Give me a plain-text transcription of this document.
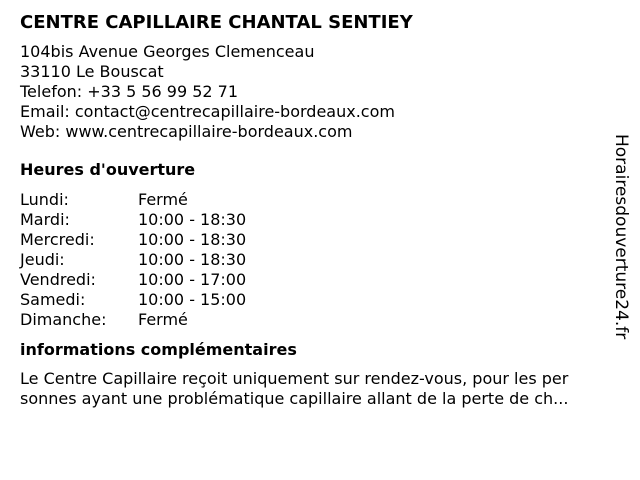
CENTRE CAPILLAIRE CHANTAL SENTIEY
104bis Avenue Georges Clemenceau
33110 Le Bouscat
Telefon: +33 5 56 99 52 71
Email: contact@centrecapillaire-bordeaux.com
Web: www.centrecapillaire-bordeaux.com
Heures d'ouverture
Lundi:	Fermé
Mardi:	10:00 - 18:30
Mercredi:	10:00 - 18:30
Jeudi:	10:00 - 18:30
Vendredi:	10:00 - 17:00
Samedi:	10:00 - 15:00
Dimanche: Fermé
informations complémentaires
Le Centre Capillaire reçoit uniquement sur rendez-vous, pour les per
sonnes ayant une problématique capillaire allant de la perte de ch...
Horairesdouverture24.fr
